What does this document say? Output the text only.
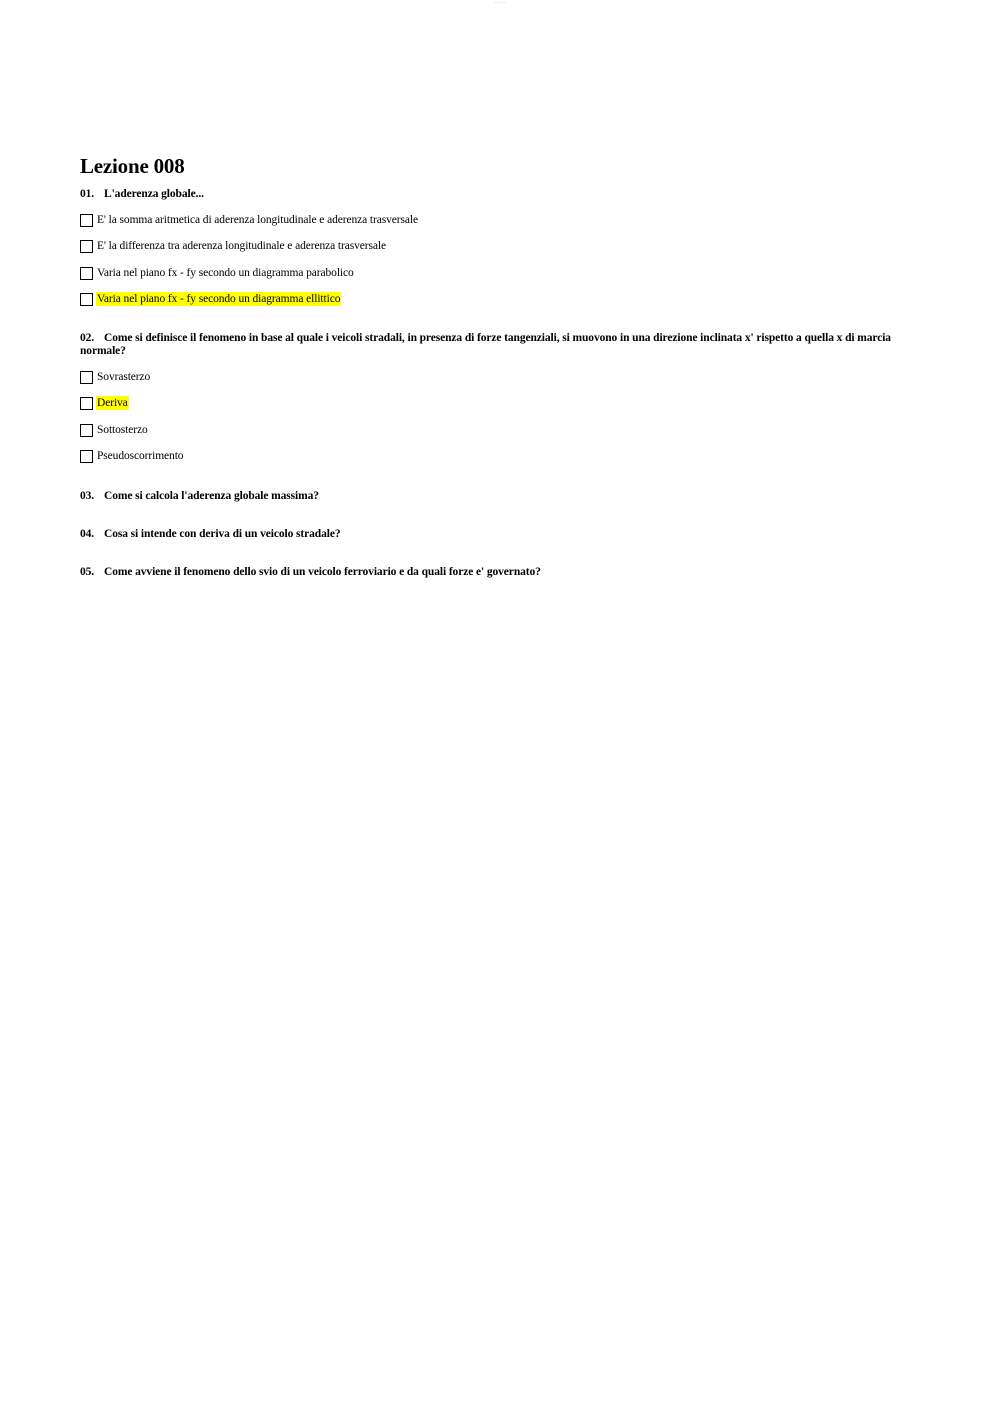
- - - - -
Lezione 008

01. L'aderenza globale...

E' la somma aritmetica di aderenza longitudinale e aderenza trasversale
E' la differenza tra aderenza longitudinale e aderenza trasversale
Varia nel piano fx - fy secondo un diagramma parabolico
Varia nel piano fx - fy secondo un diagramma ellittico

02. Come si definisce il fenomeno in base al quale i veicoli stradali, in presenza di forze tangenziali, si muovono in una direzione inclinata x' rispetto a quella x di marcia normale?

Sovrasterzo
Deriva
Sottosterzo
Pseudoscorrimento

03. Come si calcola l'aderenza globale massima?

04. Cosa si intende con deriva di un veicolo stradale?

05. Come avviene il fenomeno dello svio di un veicolo ferroviario e da quali forze e' governato?
